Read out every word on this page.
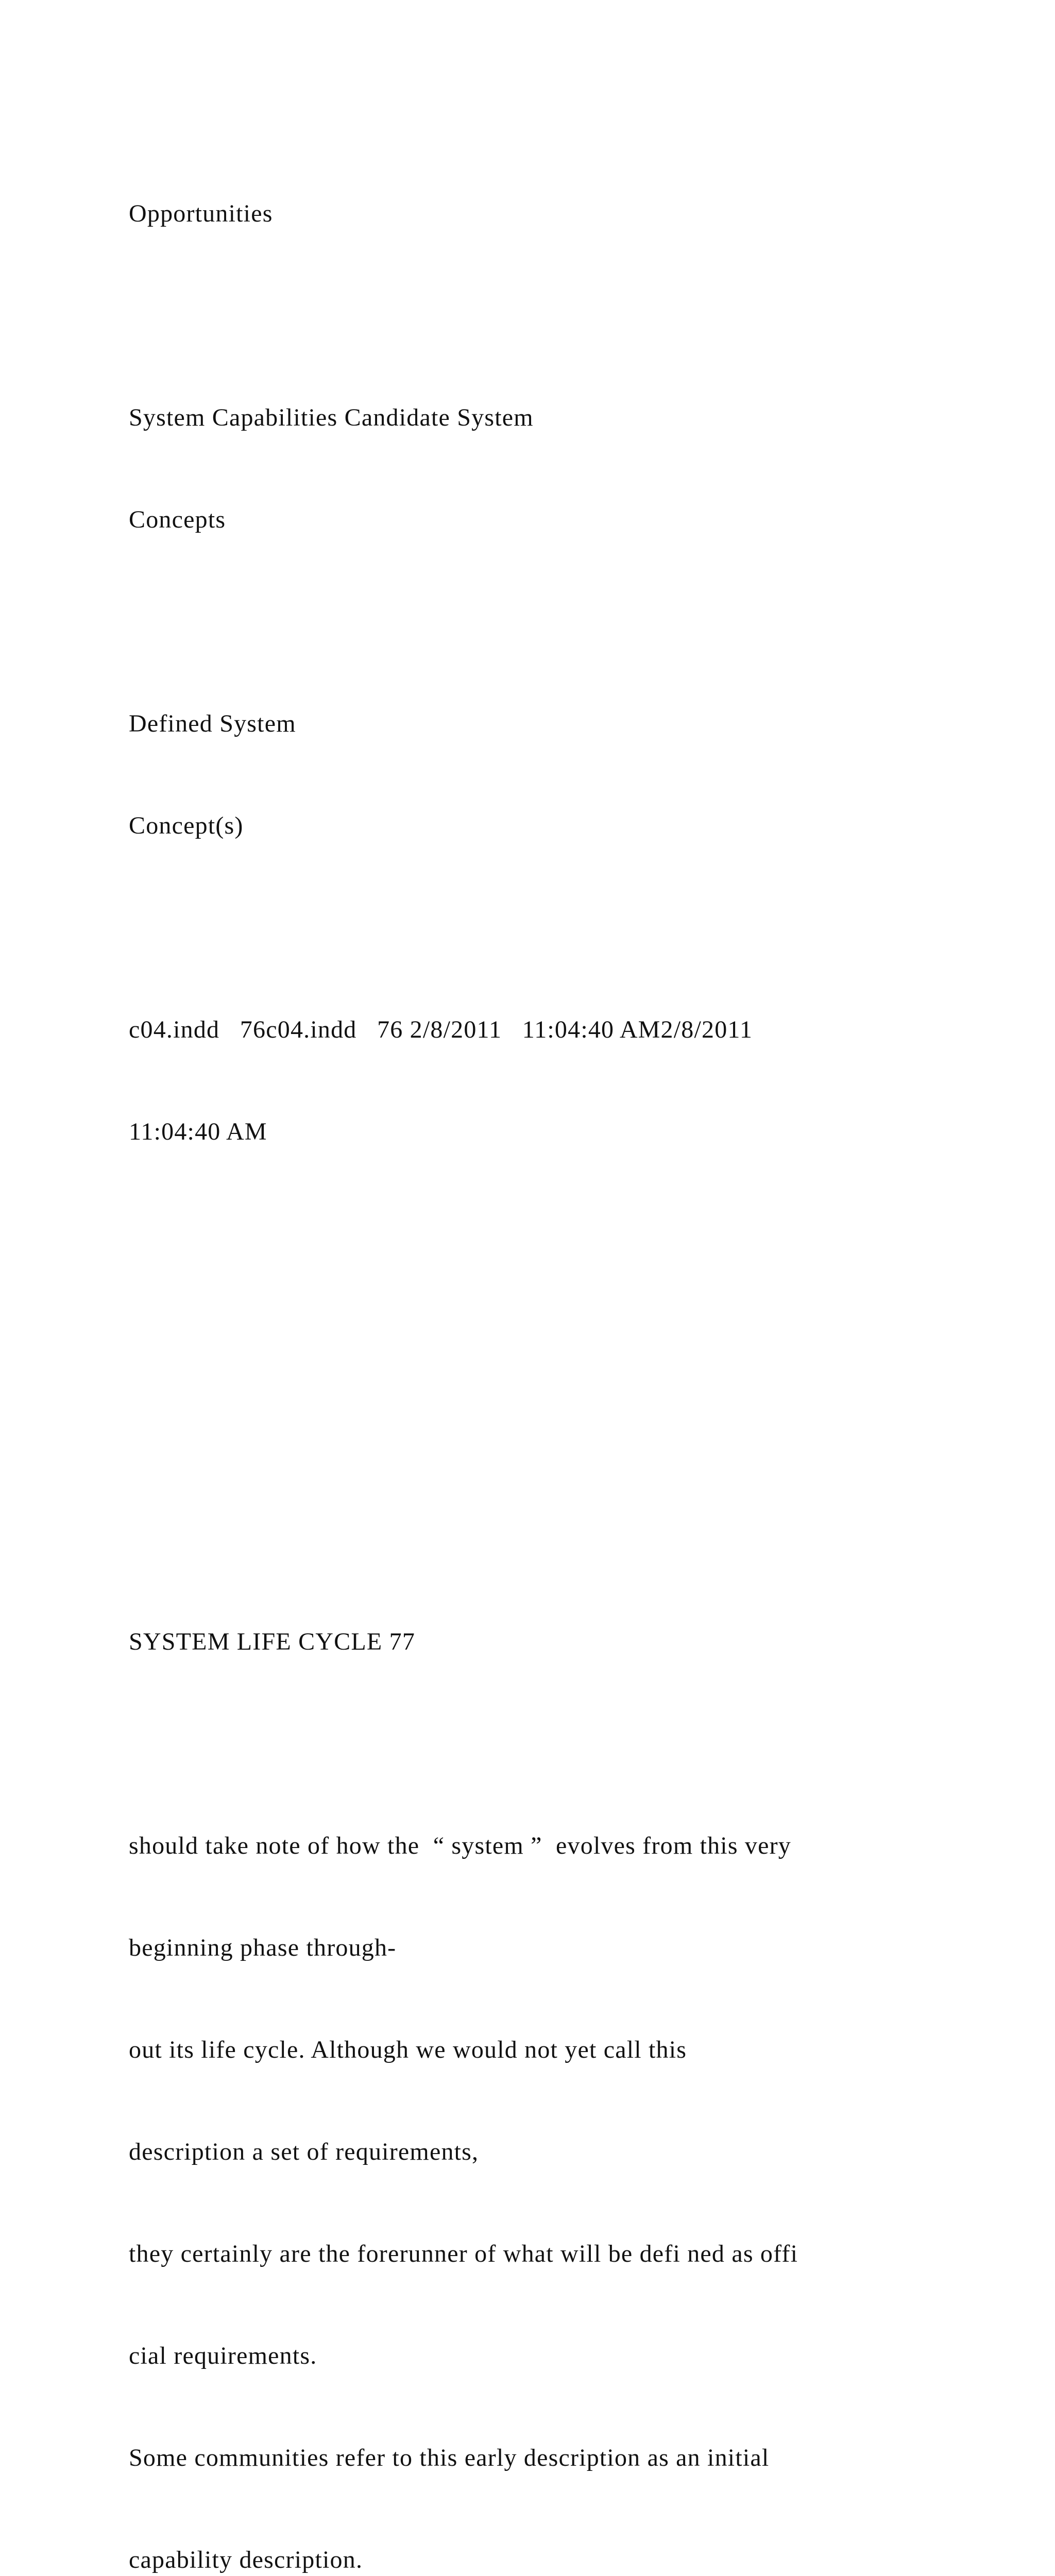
Opportunities

System Capabilities Candidate System

Concepts

Defined System

Concept(s)

c04.indd   76c04.indd   76 2/8/2011   11:04:40 AM2/8/2011

11:04:40 AM

SYSTEM LIFE CYCLE 77

should take note of how the  “ system ”  evolves from this very

beginning phase through-

out its life cycle. Although we would not yet call this

description a set of requirements,

they certainly are the forerunner of what will be defi ned as offi

cial requirements.

Some communities refer to this early description as an initial

capability description.
